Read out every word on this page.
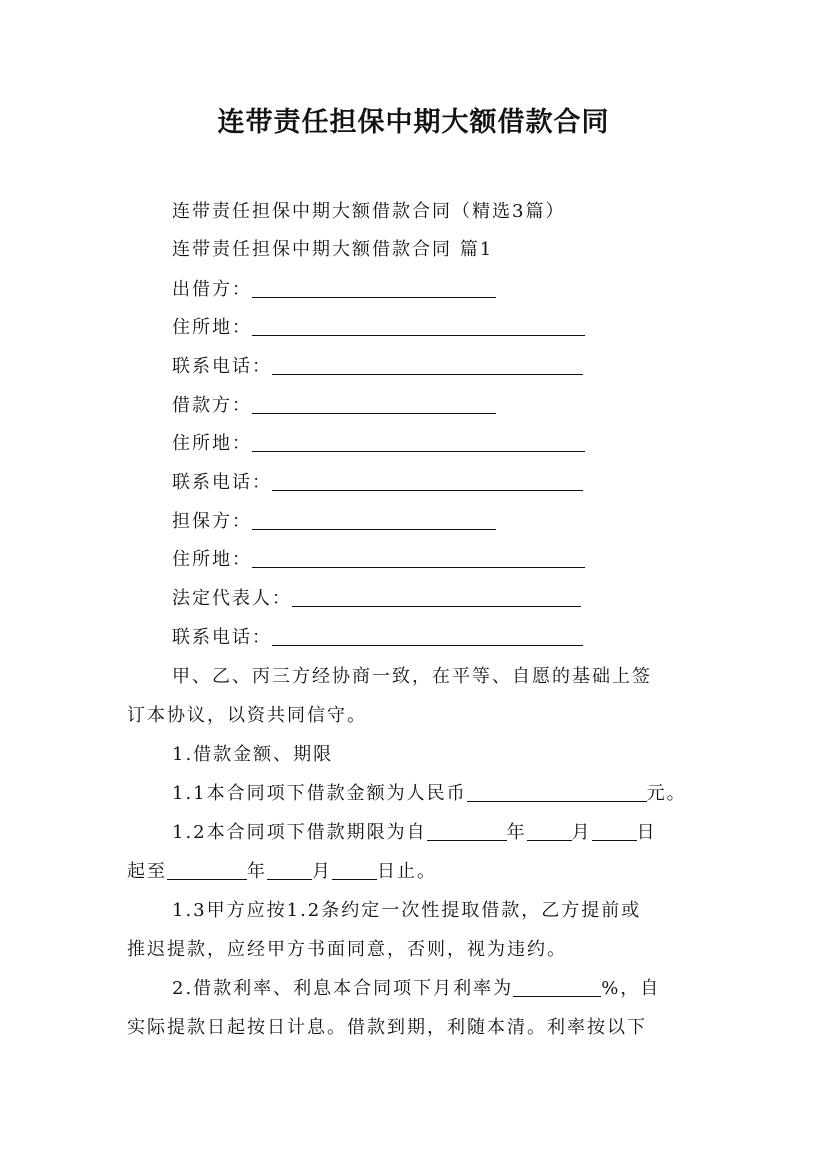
连带责任担保中期大额借款合同
连带责任担保中期大额借款合同（精选3篇）
连带责任担保中期大额借款合同 篇1
出借方：
住所地：
联系电话：
借款方：
住所地：
联系电话：
担保方：
住所地：
法定代表人：
联系电话：
甲、乙、丙三方经协商一致，在平等、自愿的基础上签
订本协议，以资共同信守。
1.借款金额、期限
1.1本合同项下借款金额为人民币	元。
1.2本合同项下借款期限为自	年	月	日
起至	年	月	日止。
1.3甲方应按1.2条约定一次性提取借款，乙方提前或
推迟提款，应经甲方书面同意，否则，视为违约。
2.借款利率、利息本合同项下月利率为	%，自
实际提款日起按日计息。借款到期，利随本清。利率按以下
